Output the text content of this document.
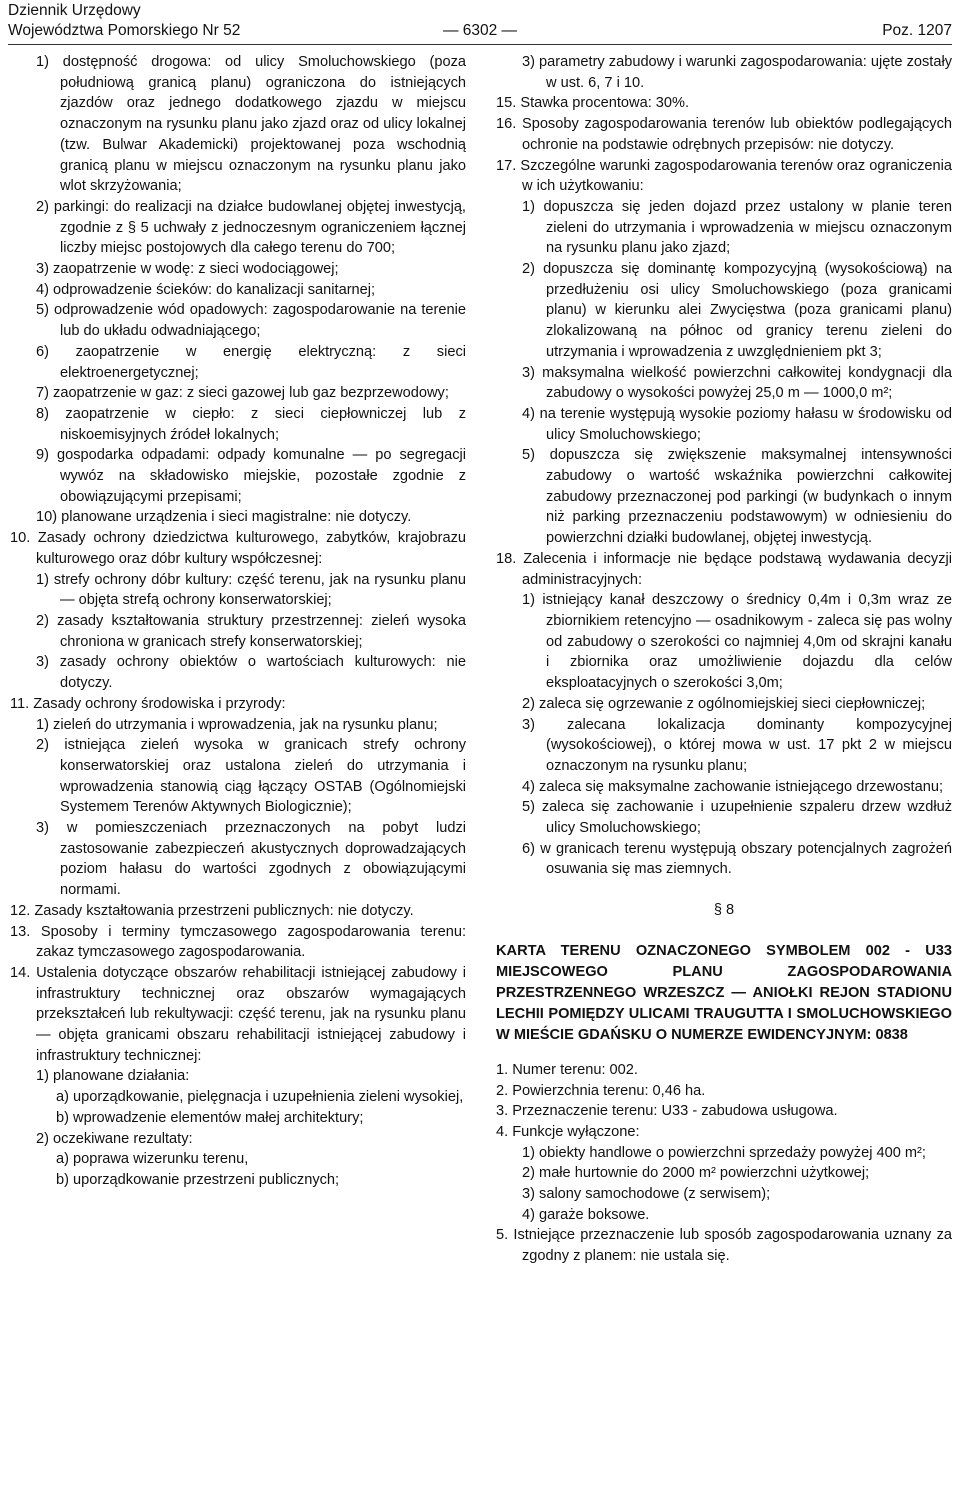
Dziennik Urzędowy
Województwa Pomorskiego Nr 52	— 6302 —	Poz. 1207

1) dostępność drogowa: od ulicy Smoluchowskiego (poza południową granicą planu) ograniczona do istniejących zjazdów oraz jednego dodatkowego zjazdu w miejscu oznaczonym na rysunku planu jako zjazd oraz od ulicy lokalnej (tzw. Bulwar Akademicki) projektowanej poza wschodnią granicą planu w miejscu oznaczonym na rysunku planu jako wlot skrzyżowania;

2) parkingi: do realizacji na działce budowlanej objętej inwestycją, zgodnie z § 5 uchwały z jednoczesnym ograniczeniem łącznej liczby miejsc postojowych dla całego terenu do 700;

3) zaopatrzenie w wodę: z sieci wodociągowej;

4) odprowadzenie ścieków: do kanalizacji sanitarnej;

5) odprowadzenie wód opadowych: zagospodarowanie na terenie lub do układu odwadniającego;

6) zaopatrzenie w energię elektryczną: z sieci elektroenergetycznej;

7) zaopatrzenie w gaz: z sieci gazowej lub gaz bezprzewodowy;

8) zaopatrzenie w ciepło: z sieci ciepłowniczej lub z niskoemisyjnych źródeł lokalnych;

9) gospodarka odpadami: odpady komunalne — po segregacji wywóz na składowisko miejskie, pozostałe zgodnie z obowiązującymi przepisami;

10) planowane urządzenia i sieci magistralne: nie dotyczy.

10. Zasady ochrony dziedzictwa kulturowego, zabytków, krajobrazu kulturowego oraz dóbr kultury współczesnej:

1) strefy ochrony dóbr kultury: część terenu, jak na rysunku planu — objęta strefą ochrony konserwatorskiej;

2) zasady kształtowania struktury przestrzennej: zieleń wysoka chroniona w granicach strefy konserwatorskiej;

3) zasady ochrony obiektów o wartościach kulturowych: nie dotyczy.

11. Zasady ochrony środowiska i przyrody:

1) zieleń do utrzymania i wprowadzenia, jak na rysunku planu;

2) istniejąca zieleń wysoka w granicach strefy ochrony konserwatorskiej oraz ustalona zieleń do utrzymania i wprowadzenia stanowią ciąg łączący OSTAB (Ogólnomiejski Systemem Terenów Aktywnych Biologicznie);

3) w pomieszczeniach przeznaczonych na pobyt ludzi zastosowanie zabezpieczeń akustycznych doprowadzających poziom hałasu do wartości zgodnych z obowiązującymi normami.

12. Zasady kształtowania przestrzeni publicznych: nie dotyczy.

13. Sposoby i terminy tymczasowego zagospodarowania terenu: zakaz tymczasowego zagospodarowania.

14. Ustalenia dotyczące obszarów rehabilitacji istniejącej zabudowy i infrastruktury technicznej oraz obszarów wymagających przekształceń lub rekultywacji: część terenu, jak na rysunku planu — objęta granicami obszaru rehabilitacji istniejącej zabudowy i infrastruktury technicznej:

1) planowane działania:

a) uporządkowanie, pielęgnacja i uzupełnienia zieleni wysokiej,

b) wprowadzenie elementów małej architektury;

2) oczekiwane rezultaty:

a) poprawa wizerunku terenu,

b) uporządkowanie przestrzeni publicznych;

3) parametry zabudowy i warunki zagospodarowania: ujęte zostały w ust. 6, 7 i 10.

15. Stawka procentowa: 30%.

16. Sposoby zagospodarowania terenów lub obiektów podlegających ochronie na podstawie odrębnych przepisów: nie dotyczy.

17. Szczególne warunki zagospodarowania terenów oraz ograniczenia w ich użytkowaniu:

1) dopuszcza się jeden dojazd przez ustalony w planie teren zieleni do utrzymania i wprowadzenia w miejscu oznaczonym na rysunku planu jako zjazd;

2) dopuszcza się dominantę kompozycyjną (wysokościową) na przedłużeniu osi ulicy Smoluchowskiego (poza granicami planu) w kierunku alei Zwycięstwa (poza granicami planu) zlokalizowaną na północ od granicy terenu zieleni do utrzymania i wprowadzenia z uwzględnieniem pkt 3;

3) maksymalna wielkość powierzchni całkowitej kondygnacji dla zabudowy o wysokości powyżej 25,0 m — 1000,0 m²;

4) na terenie występują wysokie poziomy hałasu w środowisku od ulicy Smoluchowskiego;

5) dopuszcza się zwiększenie maksymalnej intensywności zabudowy o wartość wskaźnika powierzchni całkowitej zabudowy przeznaczonej pod parkingi (w budynkach o innym niż parking przeznaczeniu podstawowym) w odniesieniu do powierzchni działki budowlanej, objętej inwestycją.

18. Zalecenia i informacje nie będące podstawą wydawania decyzji administracyjnych:

1) istniejący kanał deszczowy o średnicy 0,4m i 0,3m wraz ze zbiornikiem retencyjno — osadnikowym - zaleca się pas wolny od zabudowy o szerokości co najmniej 4,0m od skrajni kanału i zbiornika oraz umożliwienie dojazdu dla celów eksploatacyjnych o szerokości 3,0m;

2) zaleca się ogrzewanie z ogólnomiejskiej sieci ciepłowniczej;

3) zalecana lokalizacja dominanty kompozycyjnej (wysokościowej), o której mowa w ust. 17 pkt 2 w miejscu oznaczonym na rysunku planu;

4) zaleca się maksymalne zachowanie istniejącego drzewostanu;

5) zaleca się zachowanie i uzupełnienie szpaleru drzew wzdłuż ulicy Smoluchowskiego;

6) w granicach terenu występują obszary potencjalnych zagrożeń osuwania się mas ziemnych.

§ 8
KARTA TERENU OZNACZONEGO SYMBOLEM 002 - U33 MIEJSCOWEGO PLANU ZAGOSPODAROWANIA PRZESTRZENNEGO WRZESZCZ — ANIOŁKI REJON STADIONU LECHII POMIĘDZY ULICAMI TRAUGUTTA I SMOLUCHOWSKIEGO W MIEŚCIE GDAŃSKU O NUMERZE EWIDENCYJNYM: 0838

1. Numer terenu: 002.

2. Powierzchnia terenu: 0,46 ha.

3. Przeznaczenie terenu: U33 - zabudowa usługowa.

4. Funkcje wyłączone:

1) obiekty handlowe o powierzchni sprzedaży powyżej 400 m²;

2) małe hurtownie do 2000 m² powierzchni użytkowej;

3) salony samochodowe (z serwisem);

4) garaże boksowe.

5. Istniejące przeznaczenie lub sposób zagospodarowania uznany za zgodny z planem: nie ustala się.
